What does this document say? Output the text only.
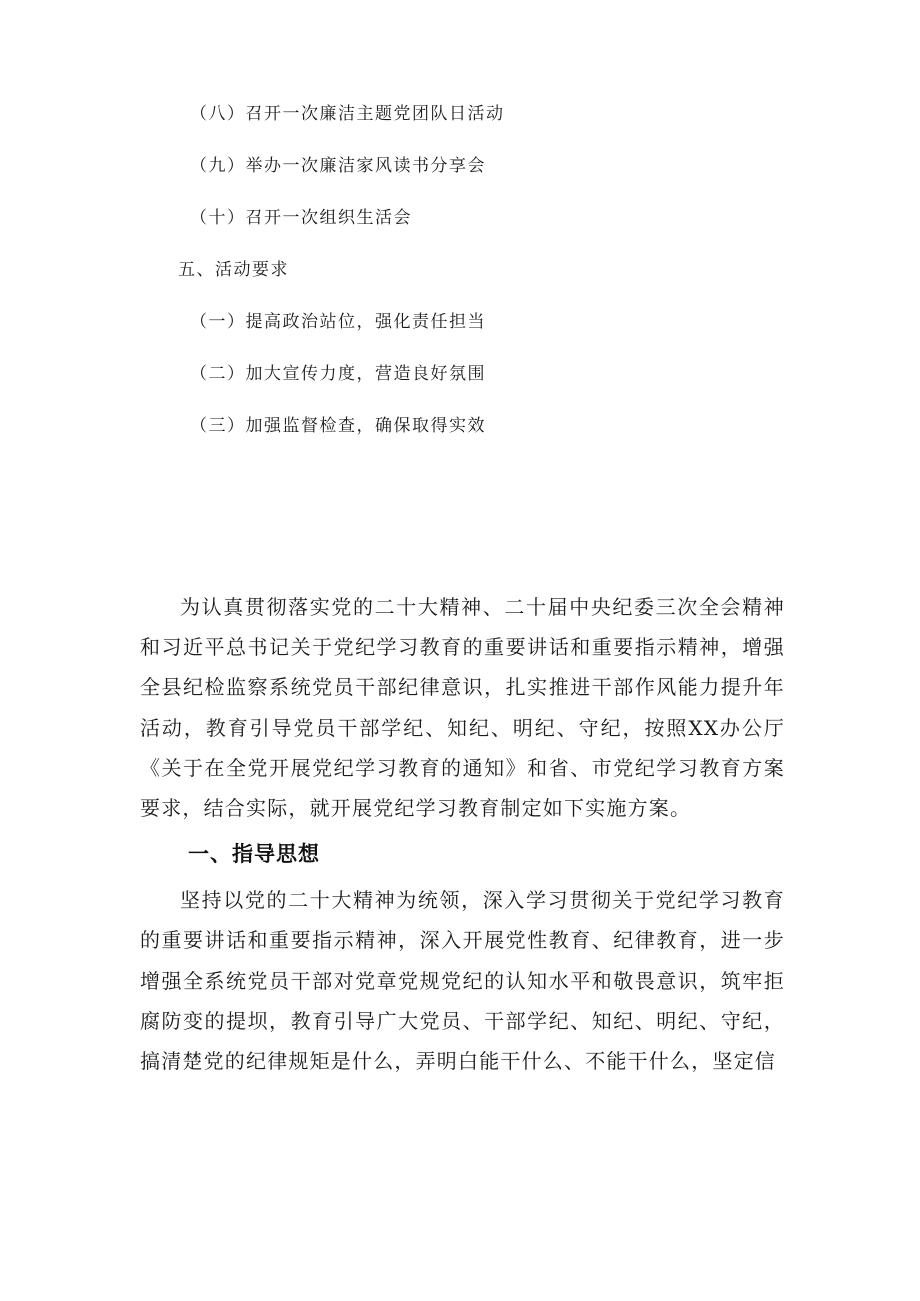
（八）召开一次廉洁主题党团队日活动
（九）举办一次廉洁家风读书分享会
（十）召开一次组织生活会
五、活动要求
（一）提高政治站位，强化责任担当
（二）加大宣传力度，营造良好氛围
（三）加强监督检查，确保取得实效

为认真贯彻落实党的二十大精神、二十届中央纪委三次全会精神和习近平总书记关于党纪学习教育的重要讲话和重要指示精神，增强全县纪检监察系统党员干部纪律意识，扎实推进干部作风能力提升年活动，教育引导党员干部学纪、知纪、明纪、守纪，按照XX办公厅《关于在全党开展党纪学习教育的通知》和省、市党纪学习教育方案要求，结合实际，就开展党纪学习教育制定如下实施方案。

一、指导思想

坚持以党的二十大精神为统领，深入学习贯彻关于党纪学习教育的重要讲话和重要指示精神，深入开展党性教育、纪律教育，进一步增强全系统党员干部对党章党规党纪的认知水平和敬畏意识，筑牢拒腐防变的提坝，教育引导广大党员、干部学纪、知纪、明纪、守纪，搞清楚党的纪律规矩是什么，弄明白能干什么、不能干什么，坚定信
